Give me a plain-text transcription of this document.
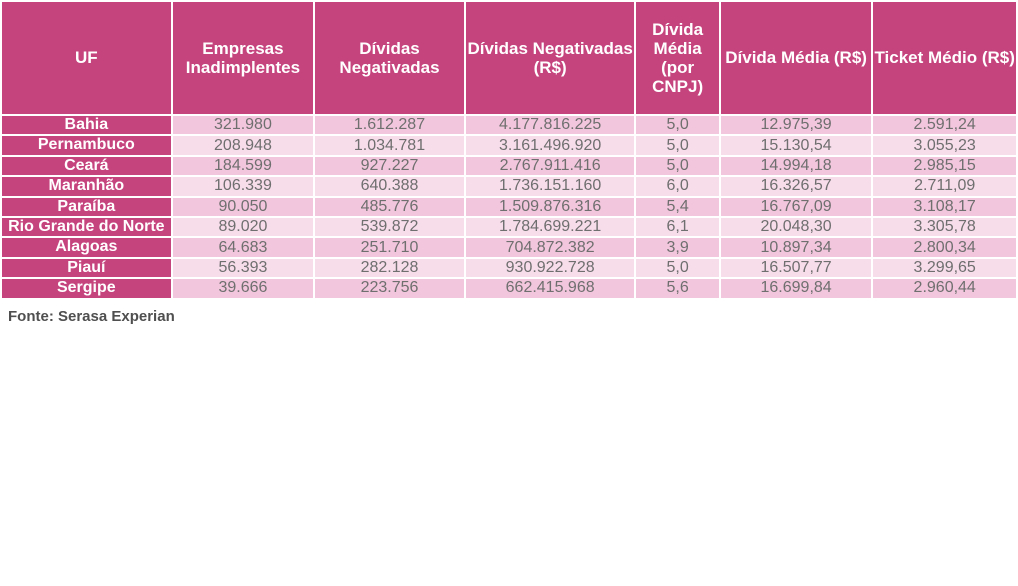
UF	Empresas Inadimplentes	Dívidas Negativadas	Dívidas Negativadas (R$)	Dívida Média (por CNPJ)	Dívida Média (R$)	Ticket Médio (R$)
Bahia	321.980	1.612.287	4.177.816.225	5,0	12.975,39	2.591,24
Pernambuco	208.948	1.034.781	3.161.496.920	5,0	15.130,54	3.055,23
Ceará	184.599	927.227	2.767.911.416	5,0	14.994,18	2.985,15
Maranhão	106.339	640.388	1.736.151.160	6,0	16.326,57	2.711,09
Paraíba	90.050	485.776	1.509.876.316	5,4	16.767,09	3.108,17
Rio Grande do Norte	89.020	539.872	1.784.699.221	6,1	20.048,30	3.305,78
Alagoas	64.683	251.710	704.872.382	3,9	10.897,34	2.800,34
Piauí	56.393	282.128	930.922.728	5,0	16.507,77	3.299,65
Sergipe	39.666	223.756	662.415.968	5,6	16.699,84	2.960,44
Fonte: Serasa Experian
